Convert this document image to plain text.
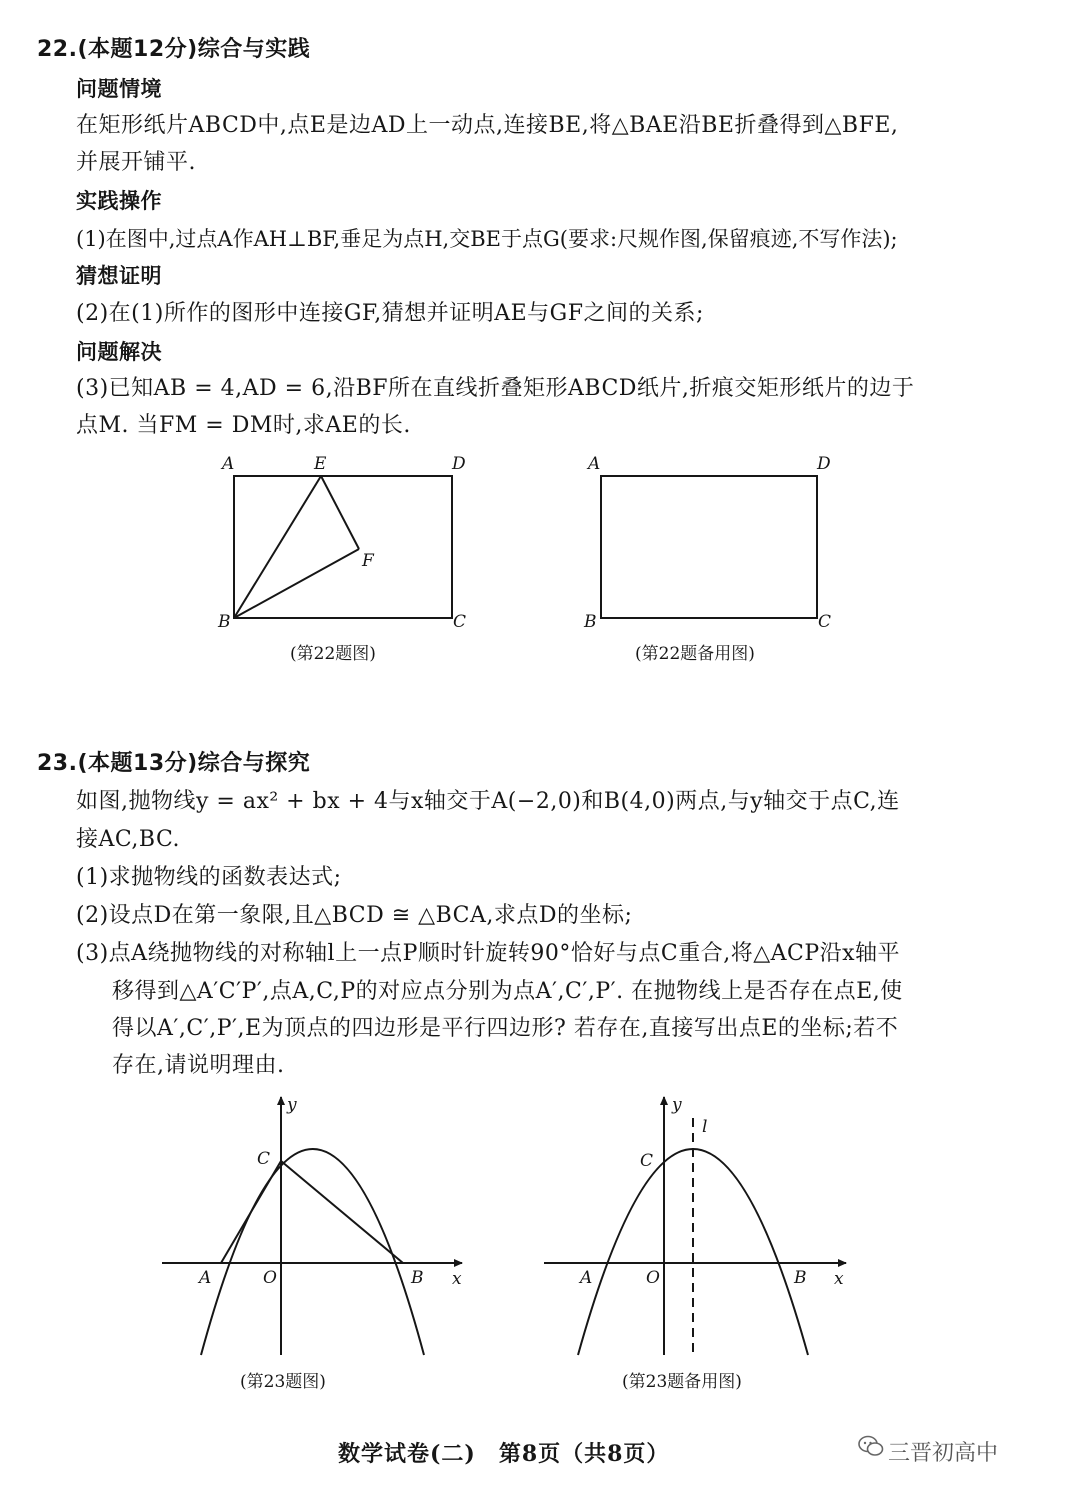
22.(本题12分)综合与实践
问题情境
在矩形纸片ABCD中,点E是边AD上一动点,连接BE,将△BAE沿BE折叠得到△BFE,
并展开铺平.
实践操作
(1)在图中,过点A作AH⊥BF,垂足为点H,交BE于点G(要求:尺规作图,保留痕迹,不写作法);
猜想证明
(2)在(1)所作的图形中连接GF,猜想并证明AE与GF之间的关系;
问题解决
(3)已知AB = 4,AD = 6,沿BF所在直线折叠矩形ABCD纸片,折痕交矩形纸片的边于
点M. 当FM = DM时,求AE的长.
23.(本题13分)综合与探究
如图,抛物线y = ax² + bx + 4与x轴交于A(−2,0)和B(4,0)两点,与y轴交于点C,连
接AC,BC.
(1)求抛物线的函数表达式;
(2)设点D在第一象限,且△BCD ≅ △BCA,求点D的坐标;
(3)点A绕抛物线的对称轴l上一点P顺时针旋转90°恰好与点C重合,将△ACP沿x轴平
移得到△A′C′P′,点A,C,P的对应点分别为点A′,C′,P′. 在抛物线上是否存在点E,使
得以A′,C′,P′,E为顶点的四边形是平行四边形? 若存在,直接写出点E的坐标;若不
存在,请说明理由.
A	E	D
F
B	C
(第22题图)
A	D
B	C
(第22题备用图)
y
C
A	O	B x
(第23题图)
y
l
C
A	O	B x
(第23题备用图)
数学试卷(二)　第8页（共8页）	三晋初高中
